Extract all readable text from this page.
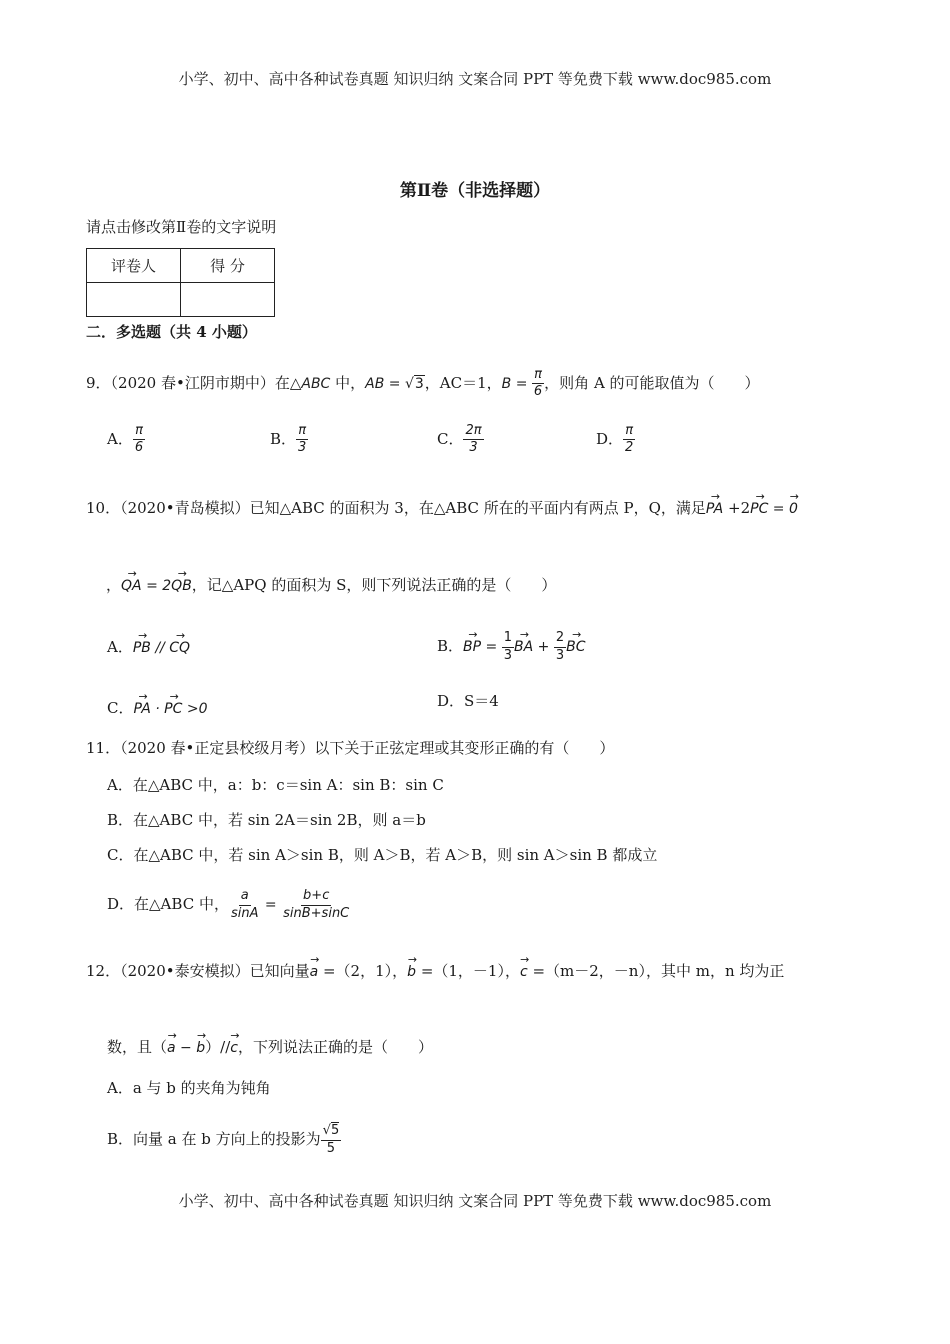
小学、初中、高中各种试卷真题 知识归纳 文案合同 PPT 等免费下载 www.doc985.com
第Ⅱ卷（非选择题）
请点击修改第Ⅱ卷的文字说明
评卷人	得 分

二．多选题（共 4 小题）
9．（2020 春•江阴市期中）在△ABC 中，AB = √3，AC＝1，$B = \frac{\pi}{6}$ ，则角 A 的可能取值为（　　）
A． $\frac{\pi}{6}$	B． $\frac{\pi}{3}$	C． $\frac{2\pi}{3}$	D． $\frac{\pi}{2}$
10．（2020•青岛模拟）已知△ABC 的面积为 3，在△ABC 所在的平面内有两点 P，Q，满足→ PA +2→ PC = → 0
，→ QA = 2→ QB，记△APQ 的面积为 S，则下列说法正确的是（　　）
A．→ PB // → CQ	B．→ BP = $\frac{1}{3}$ → BA + $\frac{2}{3}$ → BC
C．→ PA · → PC >0	D．S＝4
11．（2020 春•正定县校级月考）以下关于正弦定理或其变形正确的有（　　）
A．在△ABC 中，a：b：c＝sin A：sin B：sin C
B．在△ABC 中，若 sin 2A＝sin 2B，则 a＝b
C．在△ABC 中，若 sin A＞sin B，则 A＞B，若 A＞B，则 sin A＞sin B 都成立
D．在△ABC 中， $\frac{a}{\sin A} = \frac{b+c}{\sin B+\sin C}$
12．（2020•泰安模拟）已知向量→ a =（2，1），→ b =（1，－1），→ c =（m－2，－n），其中 m，n 均为正
数，且（→ a − → b）//→ c，下列说法正确的是（　　）
A．a 与 b 的夹角为钝角
B．向量 a 在 b 方向上的投影为 $\frac{√5}{5}$
小学、初中、高中各种试卷真题 知识归纳 文案合同 PPT 等免费下载 www.doc985.com
